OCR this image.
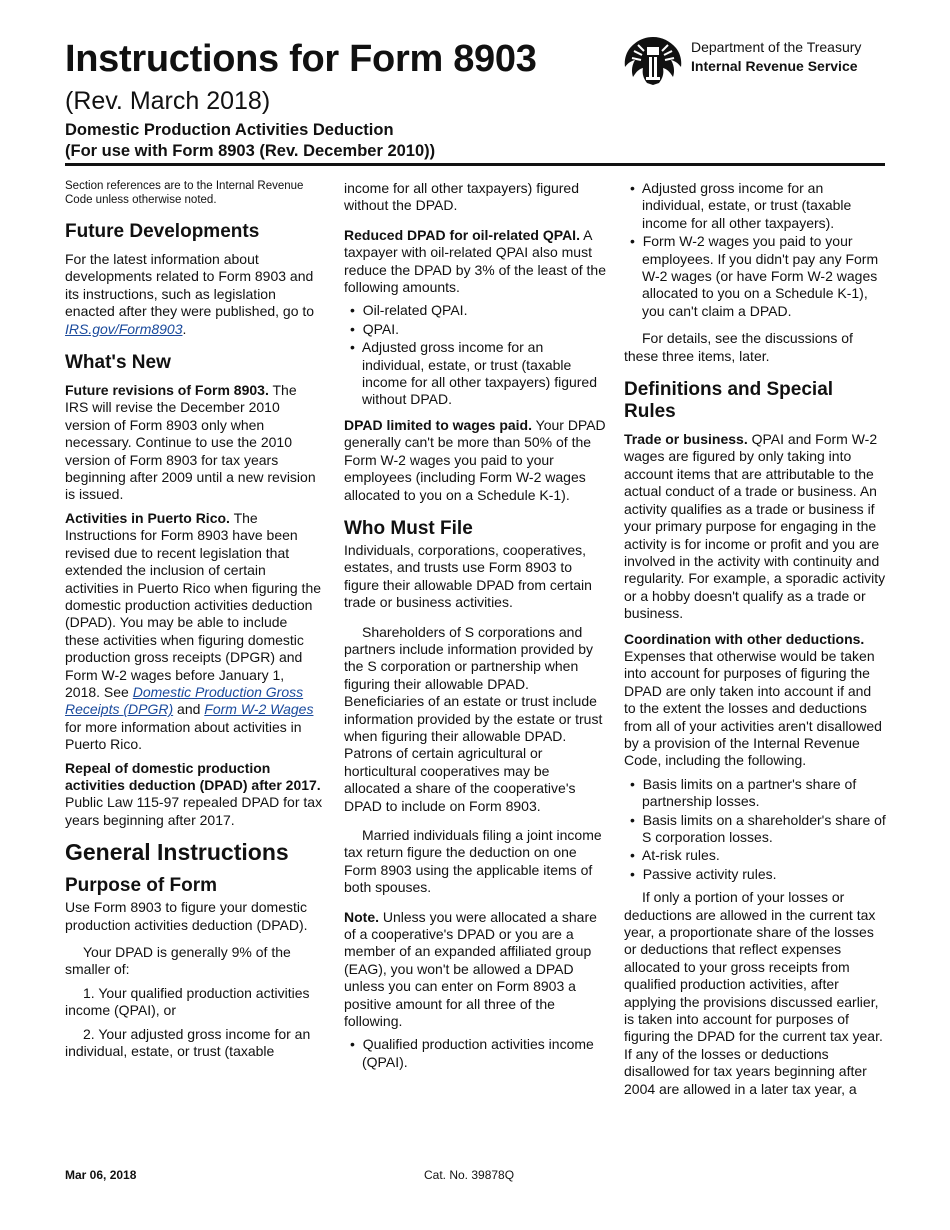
Instructions for Form 8903
(Rev. March 2018)
Domestic Production Activities Deduction
(For use with Form 8903 (Rev. December 2010))
Department of the Treasury
Internal Revenue Service

Section references are to the Internal Revenue Code unless otherwise noted.

Future Developments

For the latest information about developments related to Form 8903 and its instructions, such as legislation enacted after they were published, go to IRS.gov/Form8903.

What's New

Future revisions of Form 8903. The IRS will revise the December 2010 version of Form 8903 only when necessary. Continue to use the 2010 version of Form 8903 for tax years beginning after 2009 until a new revision is issued.

Activities in Puerto Rico. The Instructions for Form 8903 have been revised due to recent legislation that extended the inclusion of certain activities in Puerto Rico when figuring the domestic production activities deduction (DPAD). You may be able to include these activities when figuring domestic production gross receipts (DPGR) and Form W-2 wages before January 1, 2018. See Domestic Production Gross Receipts (DPGR) and Form W-2 Wages for more information about activities in Puerto Rico.

Repeal of domestic production activities deduction (DPAD) after 2017. Public Law 115-97 repealed DPAD for tax years beginning after 2017.

General Instructions
Purpose of Form

Use Form 8903 to figure your domestic production activities deduction (DPAD).

Your DPAD is generally 9% of the smaller of:

1. Your qualified production activities income (QPAI), or

2. Your adjusted gross income for an individual, estate, or trust (taxable

income for all other taxpayers) figured without the DPAD.

Reduced DPAD for oil-related QPAI. A taxpayer with oil-related QPAI also must reduce the DPAD by 3% of the least of the following amounts.

•  Oil-related QPAI.

•  QPAI.

•  Adjusted gross income for an individual, estate, or trust (taxable income for all other taxpayers) figured without DPAD.

DPAD limited to wages paid. Your DPAD generally can't be more than 50% of the Form W-2 wages you paid to your employees (including Form W-2 wages allocated to you on a Schedule K-1).

Who Must File

Individuals, corporations, cooperatives, estates, and trusts use Form 8903 to figure their allowable DPAD from certain trade or business activities.

Shareholders of S corporations and partners include information provided by the S corporation or partnership when figuring their allowable DPAD. Beneficiaries of an estate or trust include information provided by the estate or trust when figuring their allowable DPAD. Patrons of certain agricultural or horticultural cooperatives may be allocated a share of the cooperative's DPAD to include on Form 8903.

Married individuals filing a joint income tax return figure the deduction on one Form 8903 using the applicable items of both spouses.

Note. Unless you were allocated a share of a cooperative's DPAD or you are a member of an expanded affiliated group (EAG), you won't be allowed a DPAD unless you can enter on Form 8903 a positive amount for all three of the following.

•  Qualified production activities income (QPAI).

•  Adjusted gross income for an individual, estate, or trust (taxable income for all other taxpayers).

•  Form W-2 wages you paid to your employees. If you didn't pay any Form W-2 wages (or have Form W-2 wages allocated to you on a Schedule K-1), you can't claim a DPAD.

For details, see the discussions of these three items, later.

Definitions and Special Rules

Trade or business. QPAI and Form W-2 wages are figured by only taking into account items that are attributable to the actual conduct of a trade or business. An activity qualifies as a trade or business if your primary purpose for engaging in the activity is for income or profit and you are involved in the activity with continuity and regularity. For example, a sporadic activity or a hobby doesn't qualify as a trade or business.

Coordination with other deductions. Expenses that otherwise would be taken into account for purposes of figuring the DPAD are only taken into account if and to the extent the losses and deductions from all of your activities aren't disallowed by a provision of the Internal Revenue Code, including the following.

•  Basis limits on a partner's share of partnership losses.

•  Basis limits on a shareholder's share of S corporation losses.

•  At-risk rules.

•  Passive activity rules.

If only a portion of your losses or deductions are allowed in the current tax year, a proportionate share of the losses or deductions that reflect expenses allocated to your gross receipts from qualified production activities, after applying the provisions discussed earlier, is taken into account for purposes of figuring the DPAD for the current tax year. If any of the losses or deductions disallowed for tax years beginning after 2004 are allowed in a later tax year, a

Mar 06, 2018	Cat. No. 39878Q
